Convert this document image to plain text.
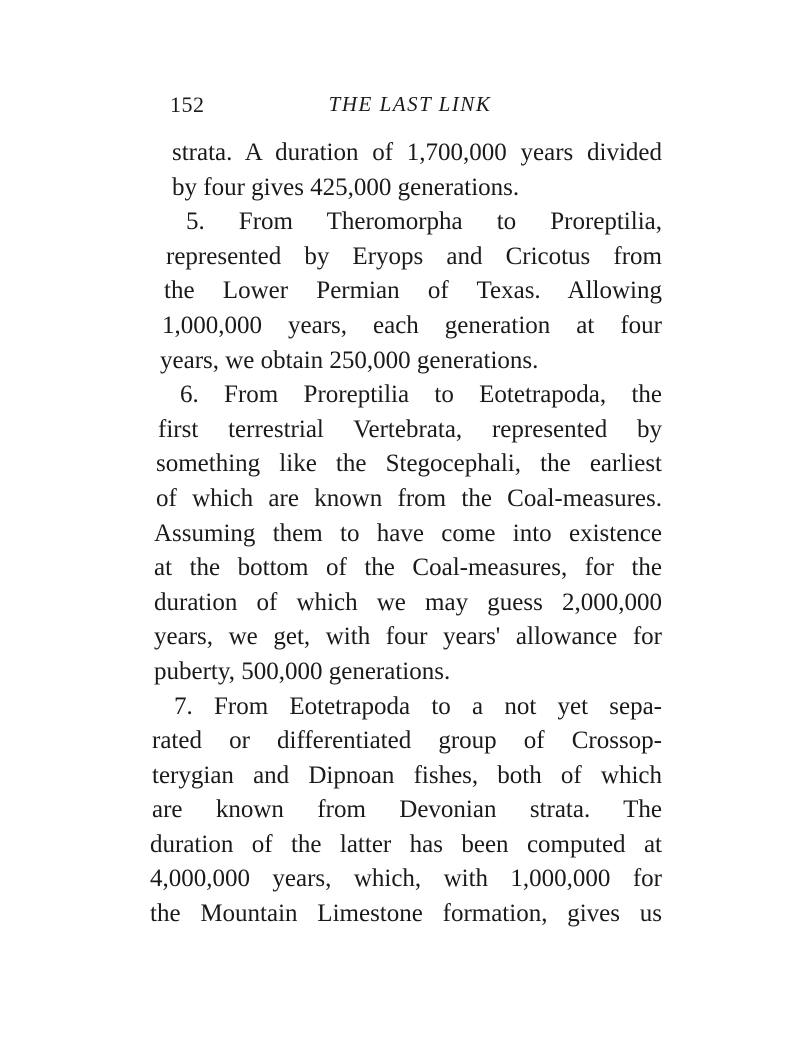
152	THE LAST LINK
strata. A duration of 1,700,000 years divided
by four gives 425,000 generations.
5. From Theromorpha to Proreptilia,
represented by Eryops and Cricotus from
the Lower Permian of Texas. Allowing
1,000,000 years, each generation at four
years, we obtain 250,000 generations.
6. From Proreptilia to Eotetrapoda, the
first terrestrial Vertebrata, represented by
something like the Stegocephali, the earliest
of which are known from the Coal-measures.
Assuming them to have come into existence
at the bottom of the Coal-measures, for the
duration of which we may guess 2,000,000
years, we get, with four years' allowance for
puberty, 500,000 generations.
7. From Eotetrapoda to a not yet sepa-
rated or differentiated group of Crossop-
terygian and Dipnoan fishes, both of which
are known from Devonian strata. The
duration of the latter has been computed at
4,000,000 years, which, with 1,000,000 for
the Mountain Limestone formation, gives us
